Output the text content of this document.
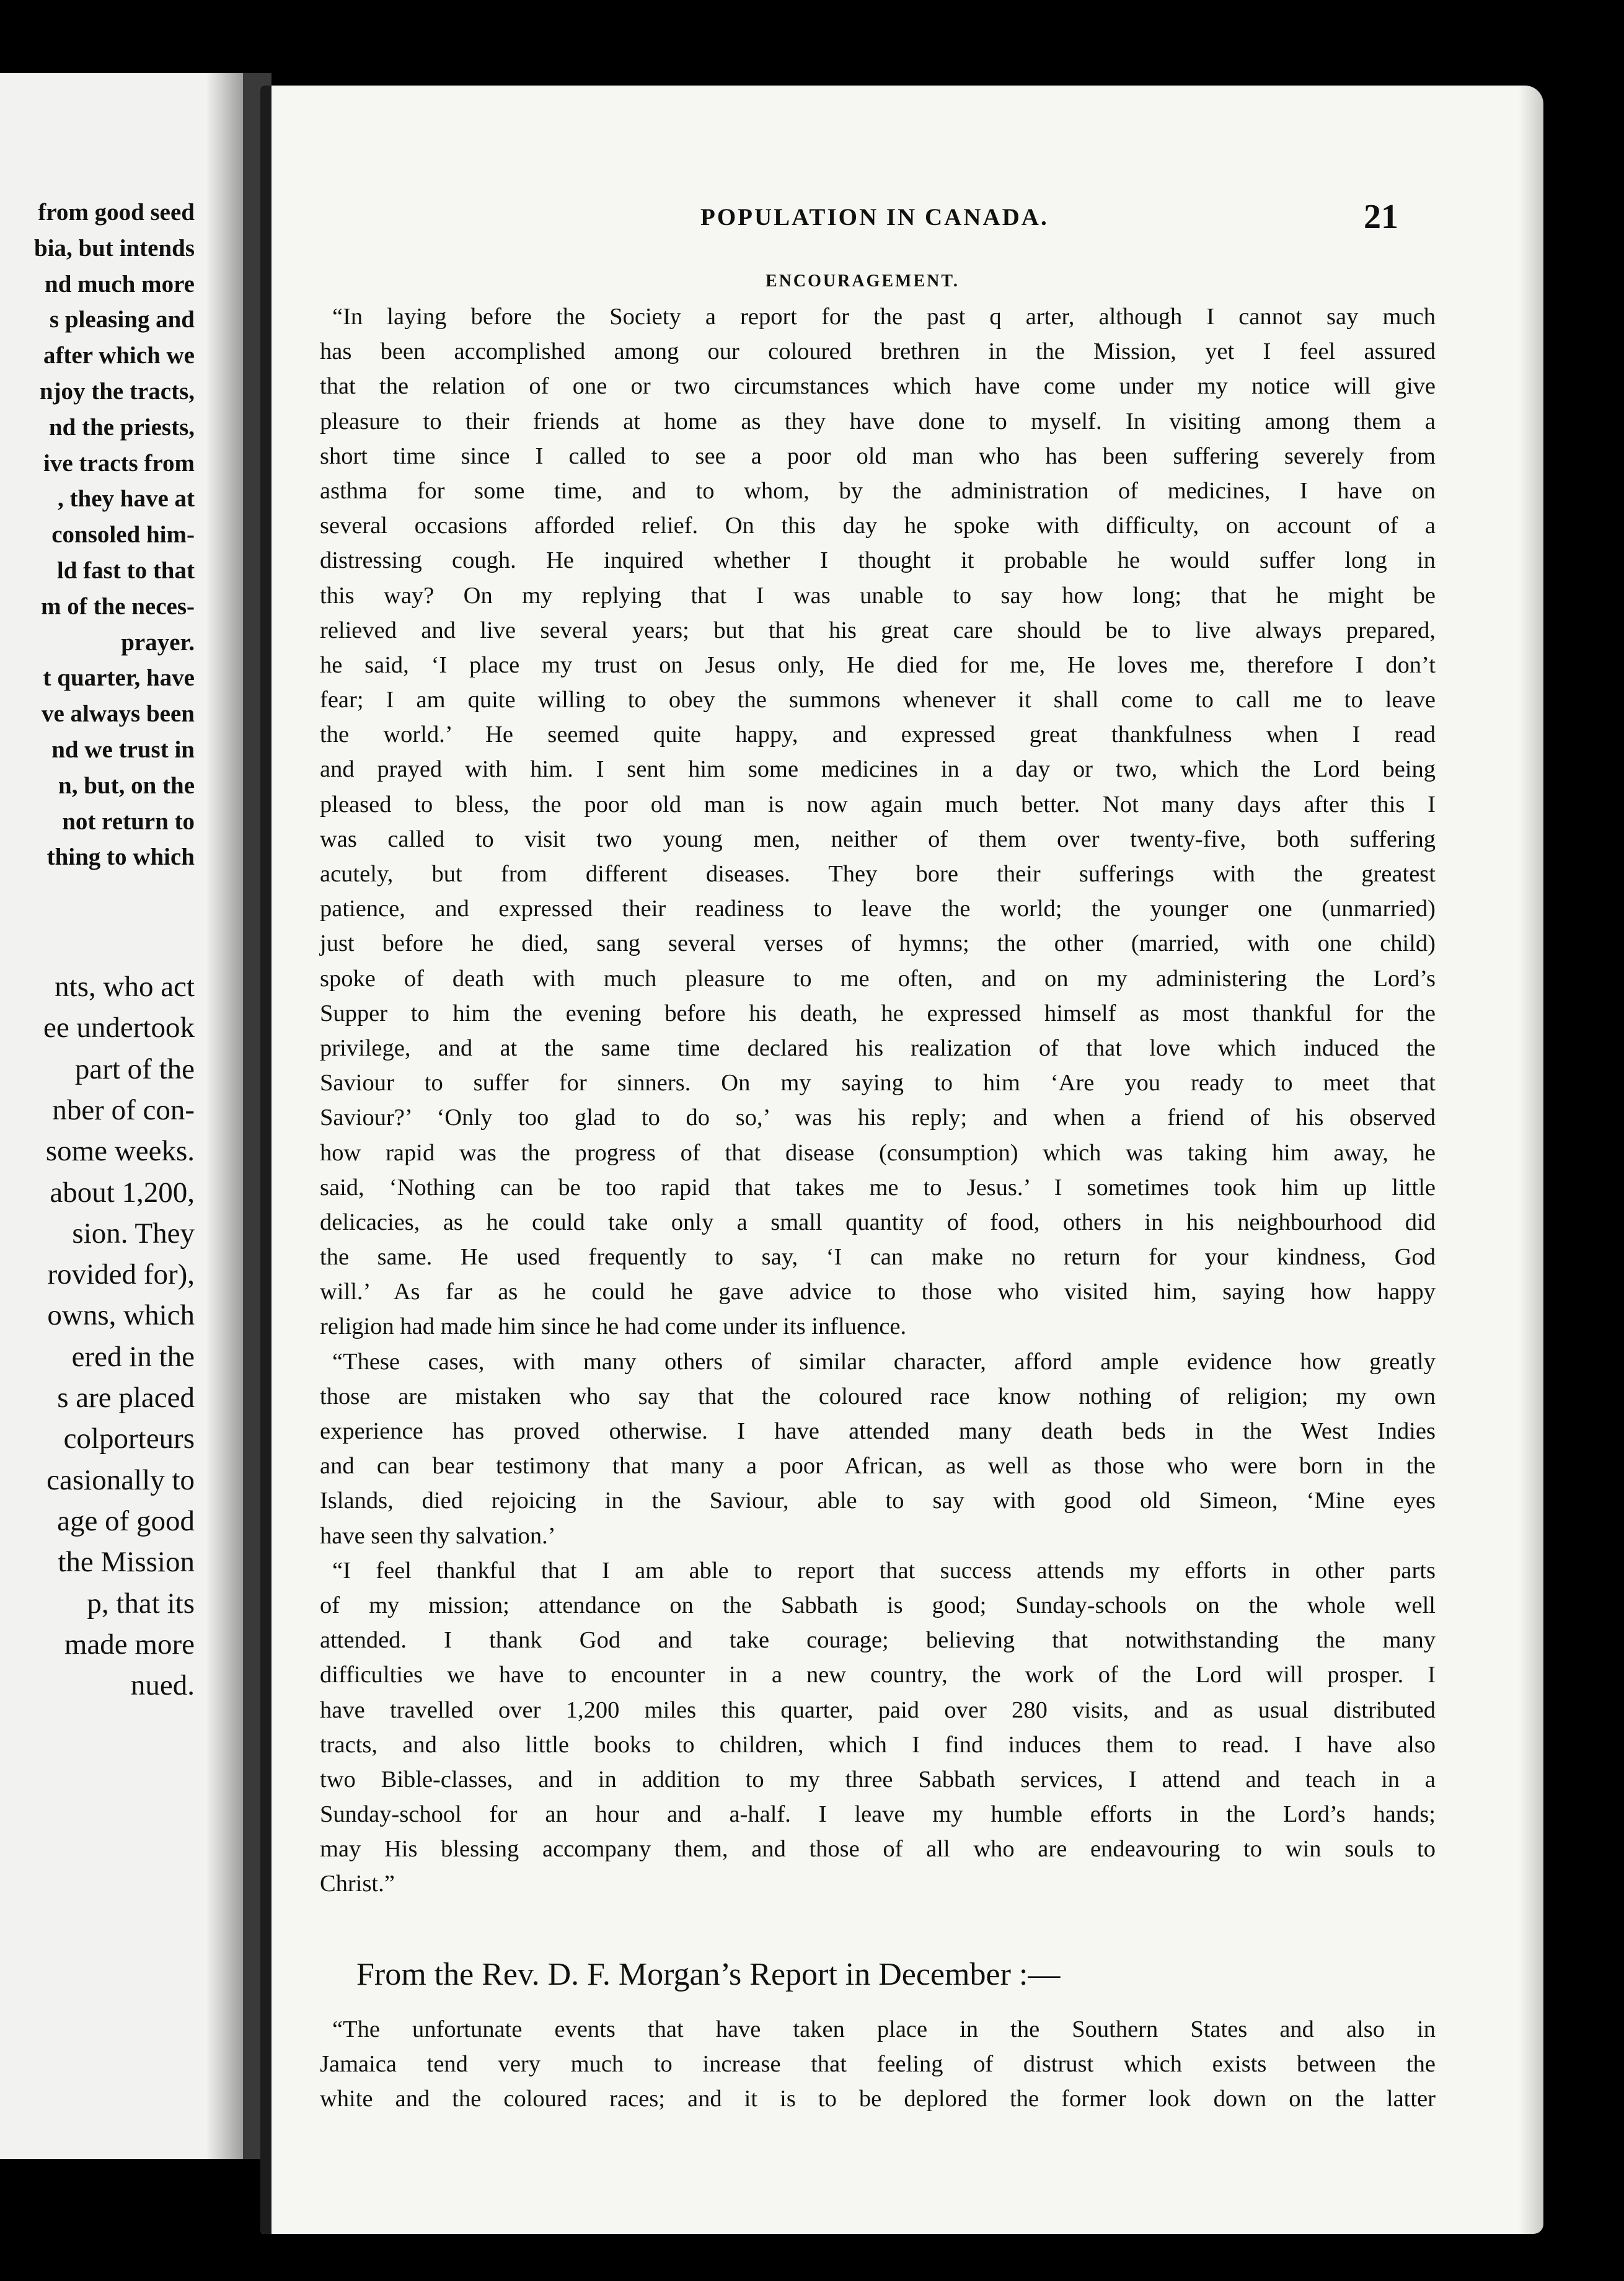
from good seed
bia, but intends
nd much more
s pleasing and
after which we
njoy the tracts,
nd the priests,
ive tracts from
, they have at
consoled him-
ld fast to that
m of the neces-
prayer.
t quarter, have
ve always been
nd we trust in
n, but, on the
not return to
thing to which
nts, who act
ee undertook
part of the
nber of con-
some weeks.
about 1,200,
sion. They
rovided for),
owns, which
ered in the
s are placed
colporteurs
casionally to
age of good
the Mission
p, that its
made more
nued.
POPULATION IN CANADA.	21
ENCOURAGEMENT.
“In laying before the Society a report for the past q arter, although I cannot say much
has been accomplished among our coloured brethren in the Mission, yet I feel assured
that the relation of one or two circumstances which have come under my notice will give
pleasure to their friends at home as they have done to myself. In visiting among them a
short time since I called to see a poor old man who has been suffering severely from
asthma for some time, and to whom, by the administration of medicines, I have on
several occasions afforded relief. On this day he spoke with difficulty, on account of a
distressing cough. He inquired whether I thought it probable he would suffer long in
this way? On my replying that I was unable to say how long; that he might be
relieved and live several years; but that his great care should be to live always prepared,
he said, ‘I place my trust on Jesus only, He died for me, He loves me, therefore I don’t
fear; I am quite willing to obey the summons whenever it shall come to call me to leave
the world.’ He seemed quite happy, and expressed great thankfulness when I read
and prayed with him. I sent him some medicines in a day or two, which the Lord being
pleased to bless, the poor old man is now again much better. Not many days after this I
was called to visit two young men, neither of them over twenty-five, both suffering
acutely, but from different diseases. They bore their sufferings with the greatest
patience, and expressed their readiness to leave the world; the younger one (unmarried)
just before he died, sang several verses of hymns; the other (married, with one child)
spoke of death with much pleasure to me often, and on my administering the Lord’s
Supper to him the evening before his death, he expressed himself as most thankful for the
privilege, and at the same time declared his realization of that love which induced the
Saviour to suffer for sinners. On my saying to him ‘Are you ready to meet that
Saviour?’ ‘Only too glad to do so,’ was his reply; and when a friend of his observed
how rapid was the progress of that disease (consumption) which was taking him away, he
said, ‘Nothing can be too rapid that takes me to Jesus.’ I sometimes took him up little
delicacies, as he could take only a small quantity of food, others in his neighbourhood did
the same. He used frequently to say, ‘I can make no return for your kindness, God
will.’ As far as he could he gave advice to those who visited him, saying how happy
religion had made him since he had come under its influence.
“These cases, with many others of similar character, afford ample evidence how greatly
those are mistaken who say that the coloured race know nothing of religion; my own
experience has proved otherwise. I have attended many death beds in the West Indies
and can bear testimony that many a poor African, as well as those who were born in the
Islands, died rejoicing in the Saviour, able to say with good old Simeon, ‘Mine eyes
have seen thy salvation.’
“I feel thankful that I am able to report that success attends my efforts in other parts
of my mission; attendance on the Sabbath is good; Sunday-schools on the whole well
attended. I thank God and take courage; believing that notwithstanding the many
difficulties we have to encounter in a new country, the work of the Lord will prosper. I
have travelled over 1,200 miles this quarter, paid over 280 visits, and as usual distributed
tracts, and also little books to children, which I find induces them to read. I have also
two Bible-classes, and in addition to my three Sabbath services, I attend and teach in a
Sunday-school for an hour and a-half. I leave my humble efforts in the Lord’s hands;
may His blessing accompany them, and those of all who are endeavouring to win souls to
Christ.”
From the Rev. D. F. Morgan’s Report in December :—
“The unfortunate events that have taken place in the Southern States and also in
Jamaica tend very much to increase that feeling of distrust which exists between the
white and the coloured races; and it is to be deplored the former look down on the latter
